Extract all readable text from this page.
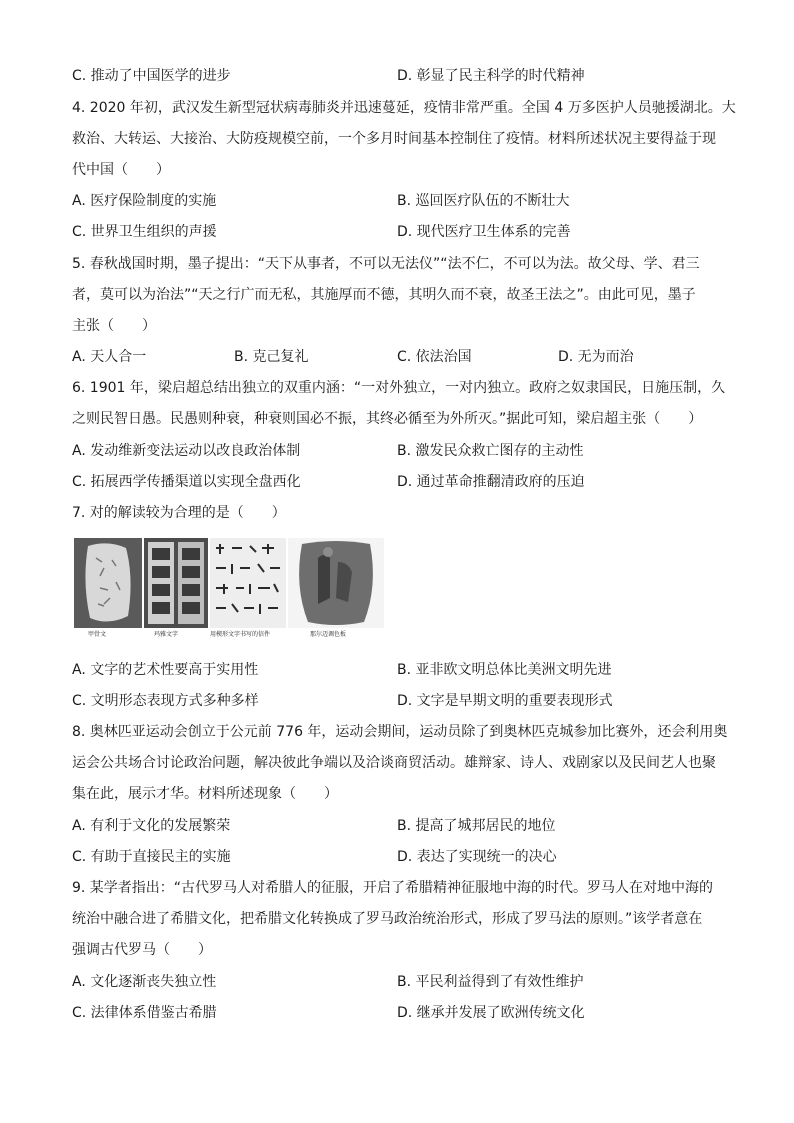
C. 推动了中国医学的进步	D. 彰显了民主科学的时代精神
4. 2020 年初，武汉发生新型冠状病毒肺炎并迅速蔓延，疫情非常严重。全国 4 万多医护人员驰援湖北。大
救治、大转运、大接治、大防疫规模空前，一个多月时间基本控制住了疫情。材料所述状况主要得益于现
代中国（　　）
A. 医疗保险制度的实施	B. 巡回医疗队伍的不断壮大
C. 世界卫生组织的声援	D. 现代医疗卫生体系的完善
5. 春秋战国时期，墨子提出：“天下从事者，不可以无法仪”“法不仁，不可以为法。故父母、学、君三
者，莫可以为治法”“天之行广而无私，其施厚而不德，其明久而不衰，故圣王法之”。由此可见，墨子
主张（　　）
A. 天人合一	B. 克己复礼	C. 依法治国	D. 无为而治
6. 1901 年，梁启超总结出独立的双重内涵：“一对外独立，一对内独立。政府之奴隶国民，日施压制，久
之则民智日愚。民愚则种衰，种衰则国必不振，其终必循至为外所灭。”据此可知，梁启超主张（　　）
A. 发动维新变法运动以改良政治体制	B. 激发民众救亡图存的主动性
C. 拓展西学传播渠道以实现全盘西化	D. 通过革命推翻清政府的压迫
7. 对的解读较为合理的是（　　）
甲骨文	玛雅文字	用楔形文字书写的信件	那尔迈调色板
A. 文字的艺术性要高于实用性	B. 亚非欧文明总体比美洲文明先进
C. 文明形态表现方式多种多样	D. 文字是早期文明的重要表现形式
8. 奥林匹亚运动会创立于公元前 776 年，运动会期间，运动员除了到奥林匹克城参加比赛外，还会利用奥
运会公共场合讨论政治问题，解决彼此争端以及洽谈商贸活动。雄辩家、诗人、戏剧家以及民间艺人也聚
集在此，展示才华。材料所述现象（　　）
A. 有利于文化的发展繁荣	B. 提高了城邦居民的地位
C. 有助于直接民主的实施	D. 表达了实现统一的决心
9. 某学者指出：“古代罗马人对希腊人的征服，开启了希腊精神征服地中海的时代。罗马人在对地中海的
统治中融合进了希腊文化，把希腊文化转换成了罗马政治统治形式，形成了罗马法的原则。”该学者意在
强调古代罗马（　　）
A. 文化逐渐丧失独立性	B. 平民利益得到了有效性维护
C. 法律体系借鉴古希腊	D. 继承并发展了欧洲传统文化
